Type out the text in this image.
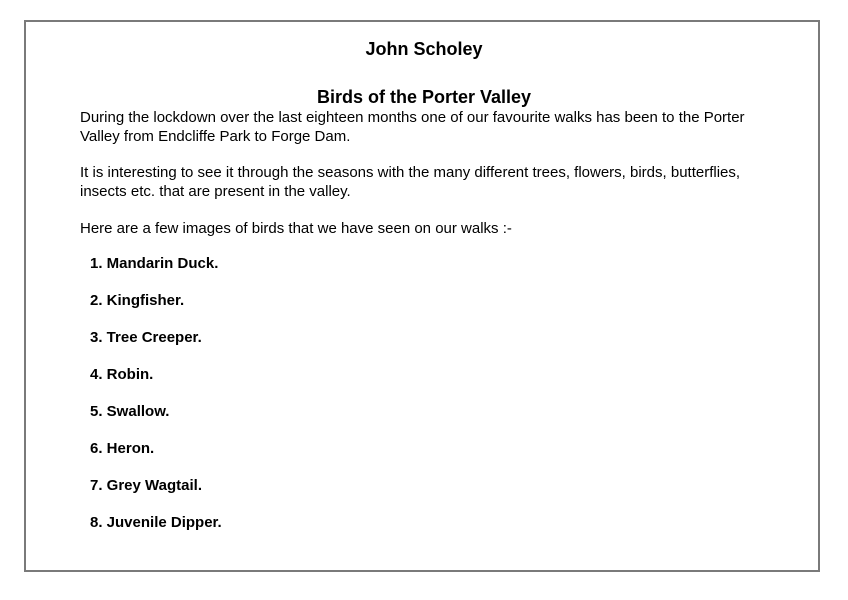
John Scholey
Birds of the Porter Valley

During the lockdown over the last eighteen months one of our favourite walks has been to the Porter Valley from Endcliffe Park to Forge Dam.

It is interesting to see it through the seasons with the many different trees, flowers, birds, butterflies, insects etc. that are present in the valley.

Here are a few images of birds that we have seen on our walks :-

1. Mandarin Duck.
2. Kingfisher.
3. Tree Creeper.
4. Robin.
5. Swallow.
6. Heron.
7. Grey Wagtail.
8. Juvenile Dipper.
